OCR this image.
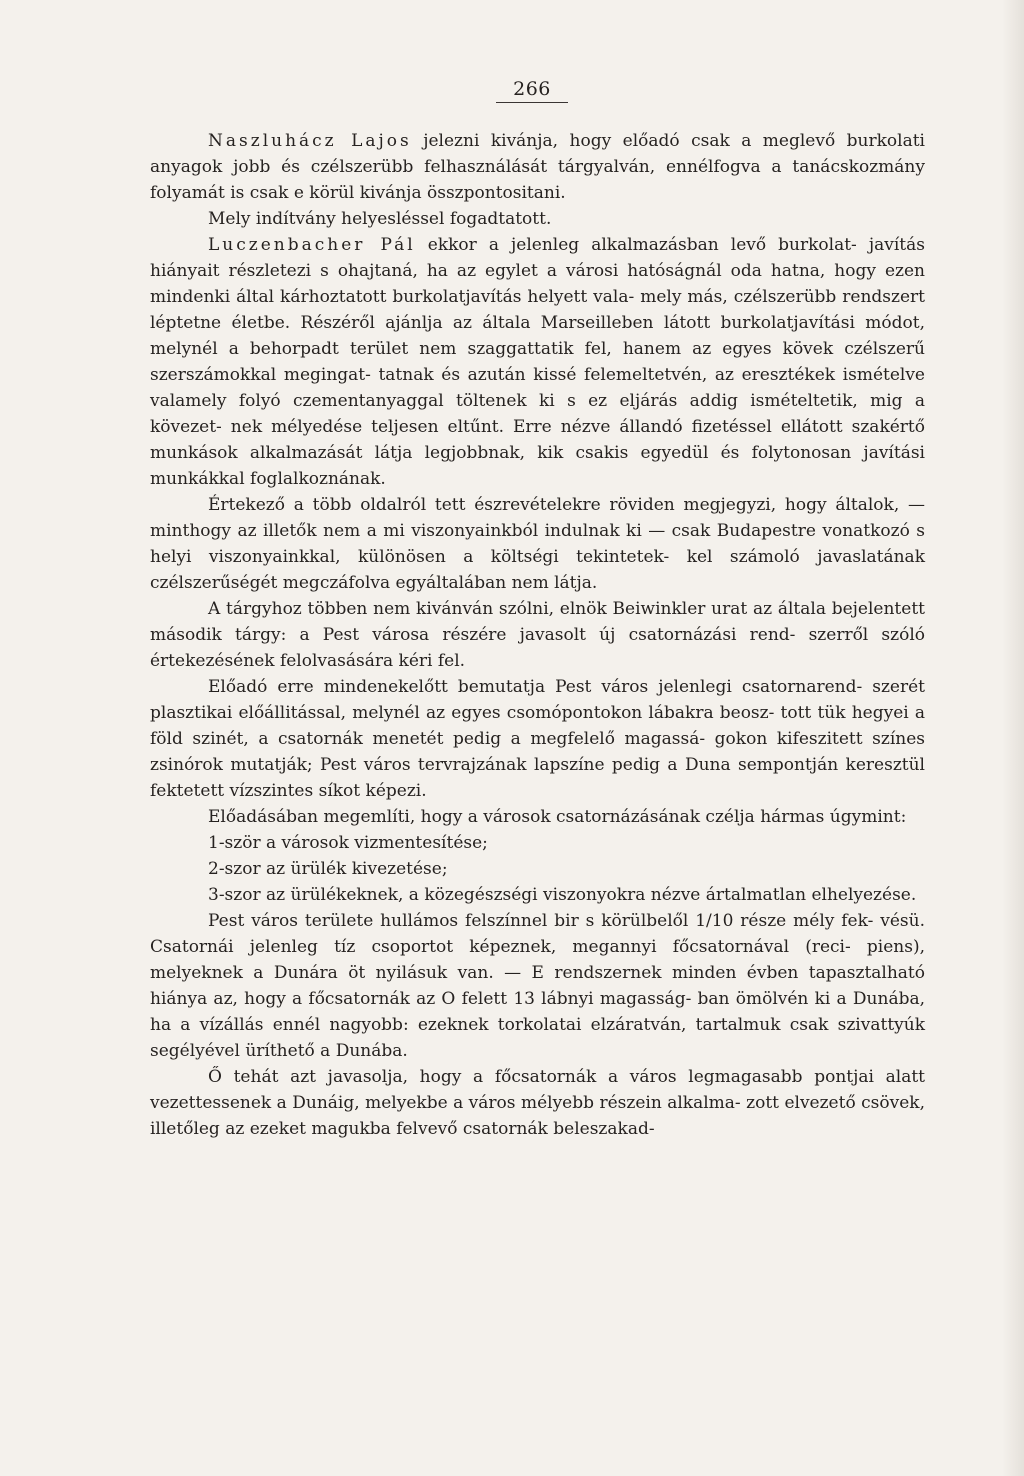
266

Naszluhácz Lajos jelezni kivánja, hogy előadó csak a meglevő burkolati anyagok jobb és czélszerübb felhasználását tárgyalván, ennélfogva a tanácskozmány folyamát is csak e körül kivánja összpontositani.

Mely indítvány helyesléssel fogadtatott.

Luczenbacher Pál ekkor a jelenleg alkalmazásban levő burkolat- javítás hiányait részletezi s ohajtaná, ha az egylet a városi hatóságnál oda hatna, hogy ezen mindenki által kárhoztatott burkolatjavítás helyett vala- mely más, czélszerübb rendszert léptetne életbe. Részéről ajánlja az általa Marseilleben látott burkolatjavítási módot, melynél a behorpadt terület nem szaggattatik fel, hanem az egyes kövek czélszerű szerszámokkal megingat- tatnak és azután kissé felemeltetvén, az eresztékek ismételve valamely folyó czementanyaggal töltenek ki s ez eljárás addig ismételtetik, mig a kövezet- nek mélyedése teljesen eltűnt. Erre nézve állandó fizetéssel ellátott szakértő munkások alkalmazását látja legjobbnak, kik csakis egyedül és folytonosan javítási munkákkal foglalkoznának.

Értekező a több oldalról tett észrevételekre röviden megjegyzi, hogy általok, — minthogy az illetők nem a mi viszonyainkból indulnak ki — csak Budapestre vonatkozó s helyi viszonyainkkal, különösen a költségi tekintetek- kel számoló javaslatának czélszerűségét megczáfolva egyáltalában nem látja.

A tárgyhoz többen nem kivánván szólni, elnök Beiwinkler urat az általa bejelentett második tárgy: a Pest városa részére javasolt új csatornázási rend- szerről szóló értekezésének felolvasására kéri fel.

Előadó erre mindenekelőtt bemutatja Pest város jelenlegi csatornarend- szerét plasztikai előállitással, melynél az egyes csomópontokon lábakra beosz- tott tük hegyei a föld szinét, a csatornák menetét pedig a megfelelő magassá- gokon kifeszitett színes zsinórok mutatják; Pest város tervrajzának lapszíne pedig a Duna sempontján keresztül fektetett vízszintes síkot képezi.

Előadásában megemlíti, hogy a városok csatornázásának czélja hármas úgymint:

1-ször a városok vizmentesítése;

2-szor az ürülék kivezetése;

3-szor az ürülékeknek, a közegészségi viszonyokra nézve ártalmatlan elhelyezése.

Pest város területe hullámos felszínnel bir s körülbelől 1/10 része mély fek- vésü. Csatornái jelenleg tíz csoportot képeznek, megannyi főcsatornával (reci- piens), melyeknek a Dunára öt nyilásuk van. — E rendszernek minden évben tapasztalható hiánya az, hogy a főcsatornák az O felett 13 lábnyi magasság- ban ömölvén ki a Dunába, ha a vízállás ennél nagyobb: ezeknek torkolatai elzáratván, tartalmuk csak szivattyúk segélyével üríthető a Dunába.

Ő tehát azt javasolja, hogy a főcsatornák a város legmagasabb pontjai alatt vezettessenek a Dunáig, melyekbe a város mélyebb részein alkalma- zott elvezető csövek, illetőleg az ezeket magukba felvevő csatornák beleszakad-
